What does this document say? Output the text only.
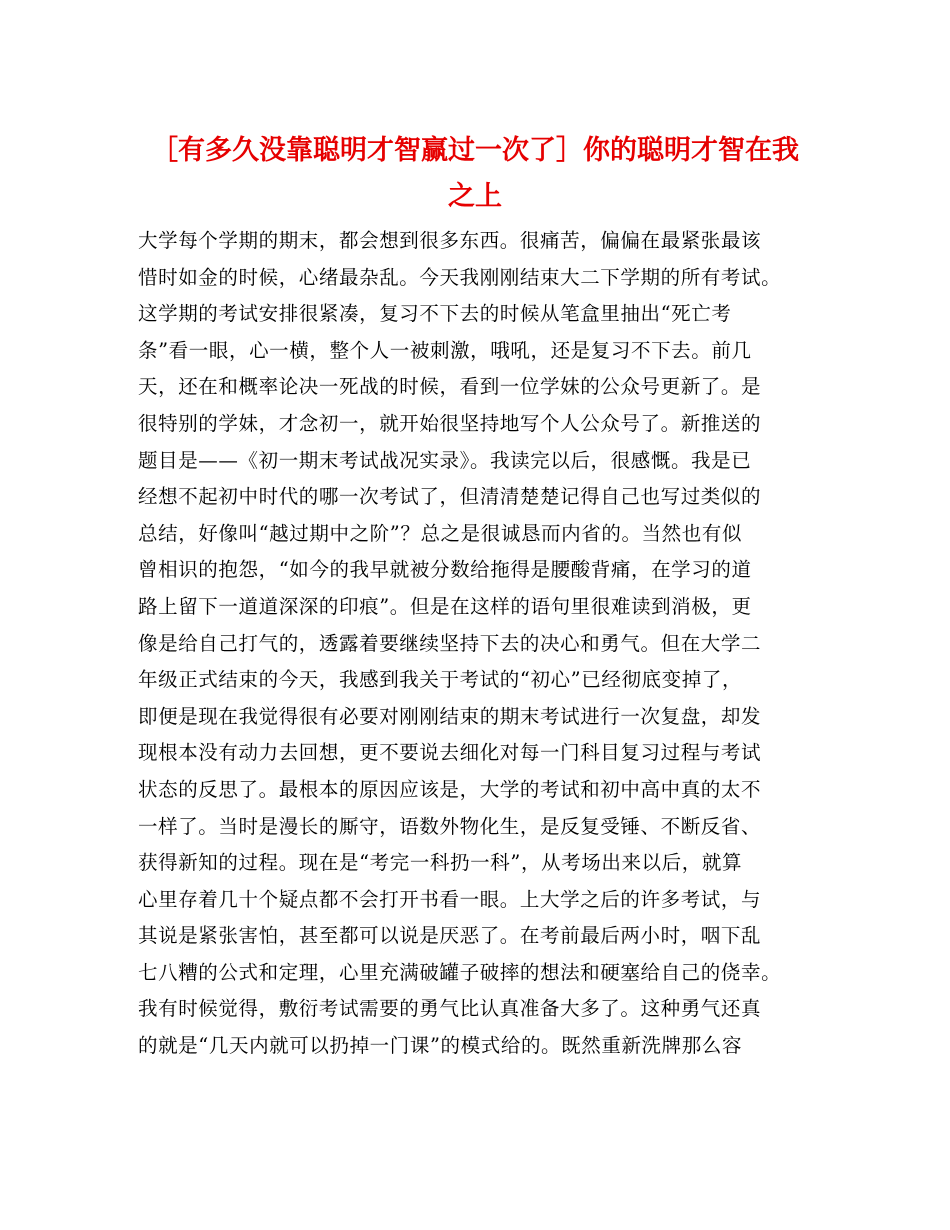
［有多久没靠聪明才智赢过一次了］你的聪明才智在我
之上
大学每个学期的期末，都会想到很多东西。很痛苦，偏偏在最紧张最该
惜时如金的时候，心绪最杂乱。今天我刚刚结束大二下学期的所有考试。
这学期的考试安排很紧凑，复习不下去的时候从笔盒里抽出“死亡考
条”看一眼，心一横，整个人一被刺激，哦吼，还是复习不下去。前几
天，还在和概率论决一死战的时候，看到一位学妹的公众号更新了。是
很特别的学妹，才念初一，就开始很坚持地写个人公众号了。新推送的
题目是——《初一期末考试战况实录》。我读完以后，很感慨。我是已
经想不起初中时代的哪一次考试了，但清清楚楚记得自己也写过类似的
总结，好像叫“越过期中之阶”？总之是很诚恳而内省的。当然也有似
曾相识的抱怨，“如今的我早就被分数给拖得是腰酸背痛，在学习的道
路上留下一道道深深的印痕”。但是在这样的语句里很难读到消极，更
像是给自己打气的，透露着要继续坚持下去的决心和勇气。但在大学二
年级正式结束的今天，我感到我关于考试的“初心”已经彻底变掉了，
即便是现在我觉得很有必要对刚刚结束的期末考试进行一次复盘，却发
现根本没有动力去回想，更不要说去细化对每一门科目复习过程与考试
状态的反思了。最根本的原因应该是，大学的考试和初中高中真的太不
一样了。当时是漫长的厮守，语数外物化生，是反复受锤、不断反省、
获得新知的过程。现在是“考完一科扔一科”，从考场出来以后，就算
心里存着几十个疑点都不会打开书看一眼。上大学之后的许多考试，与
其说是紧张害怕，甚至都可以说是厌恶了。在考前最后两小时，咽下乱
七八糟的公式和定理，心里充满破罐子破摔的想法和硬塞给自己的侥幸。
我有时候觉得，敷衍考试需要的勇气比认真准备大多了。这种勇气还真
的就是“几天内就可以扔掉一门课”的模式给的。既然重新洗牌那么容
